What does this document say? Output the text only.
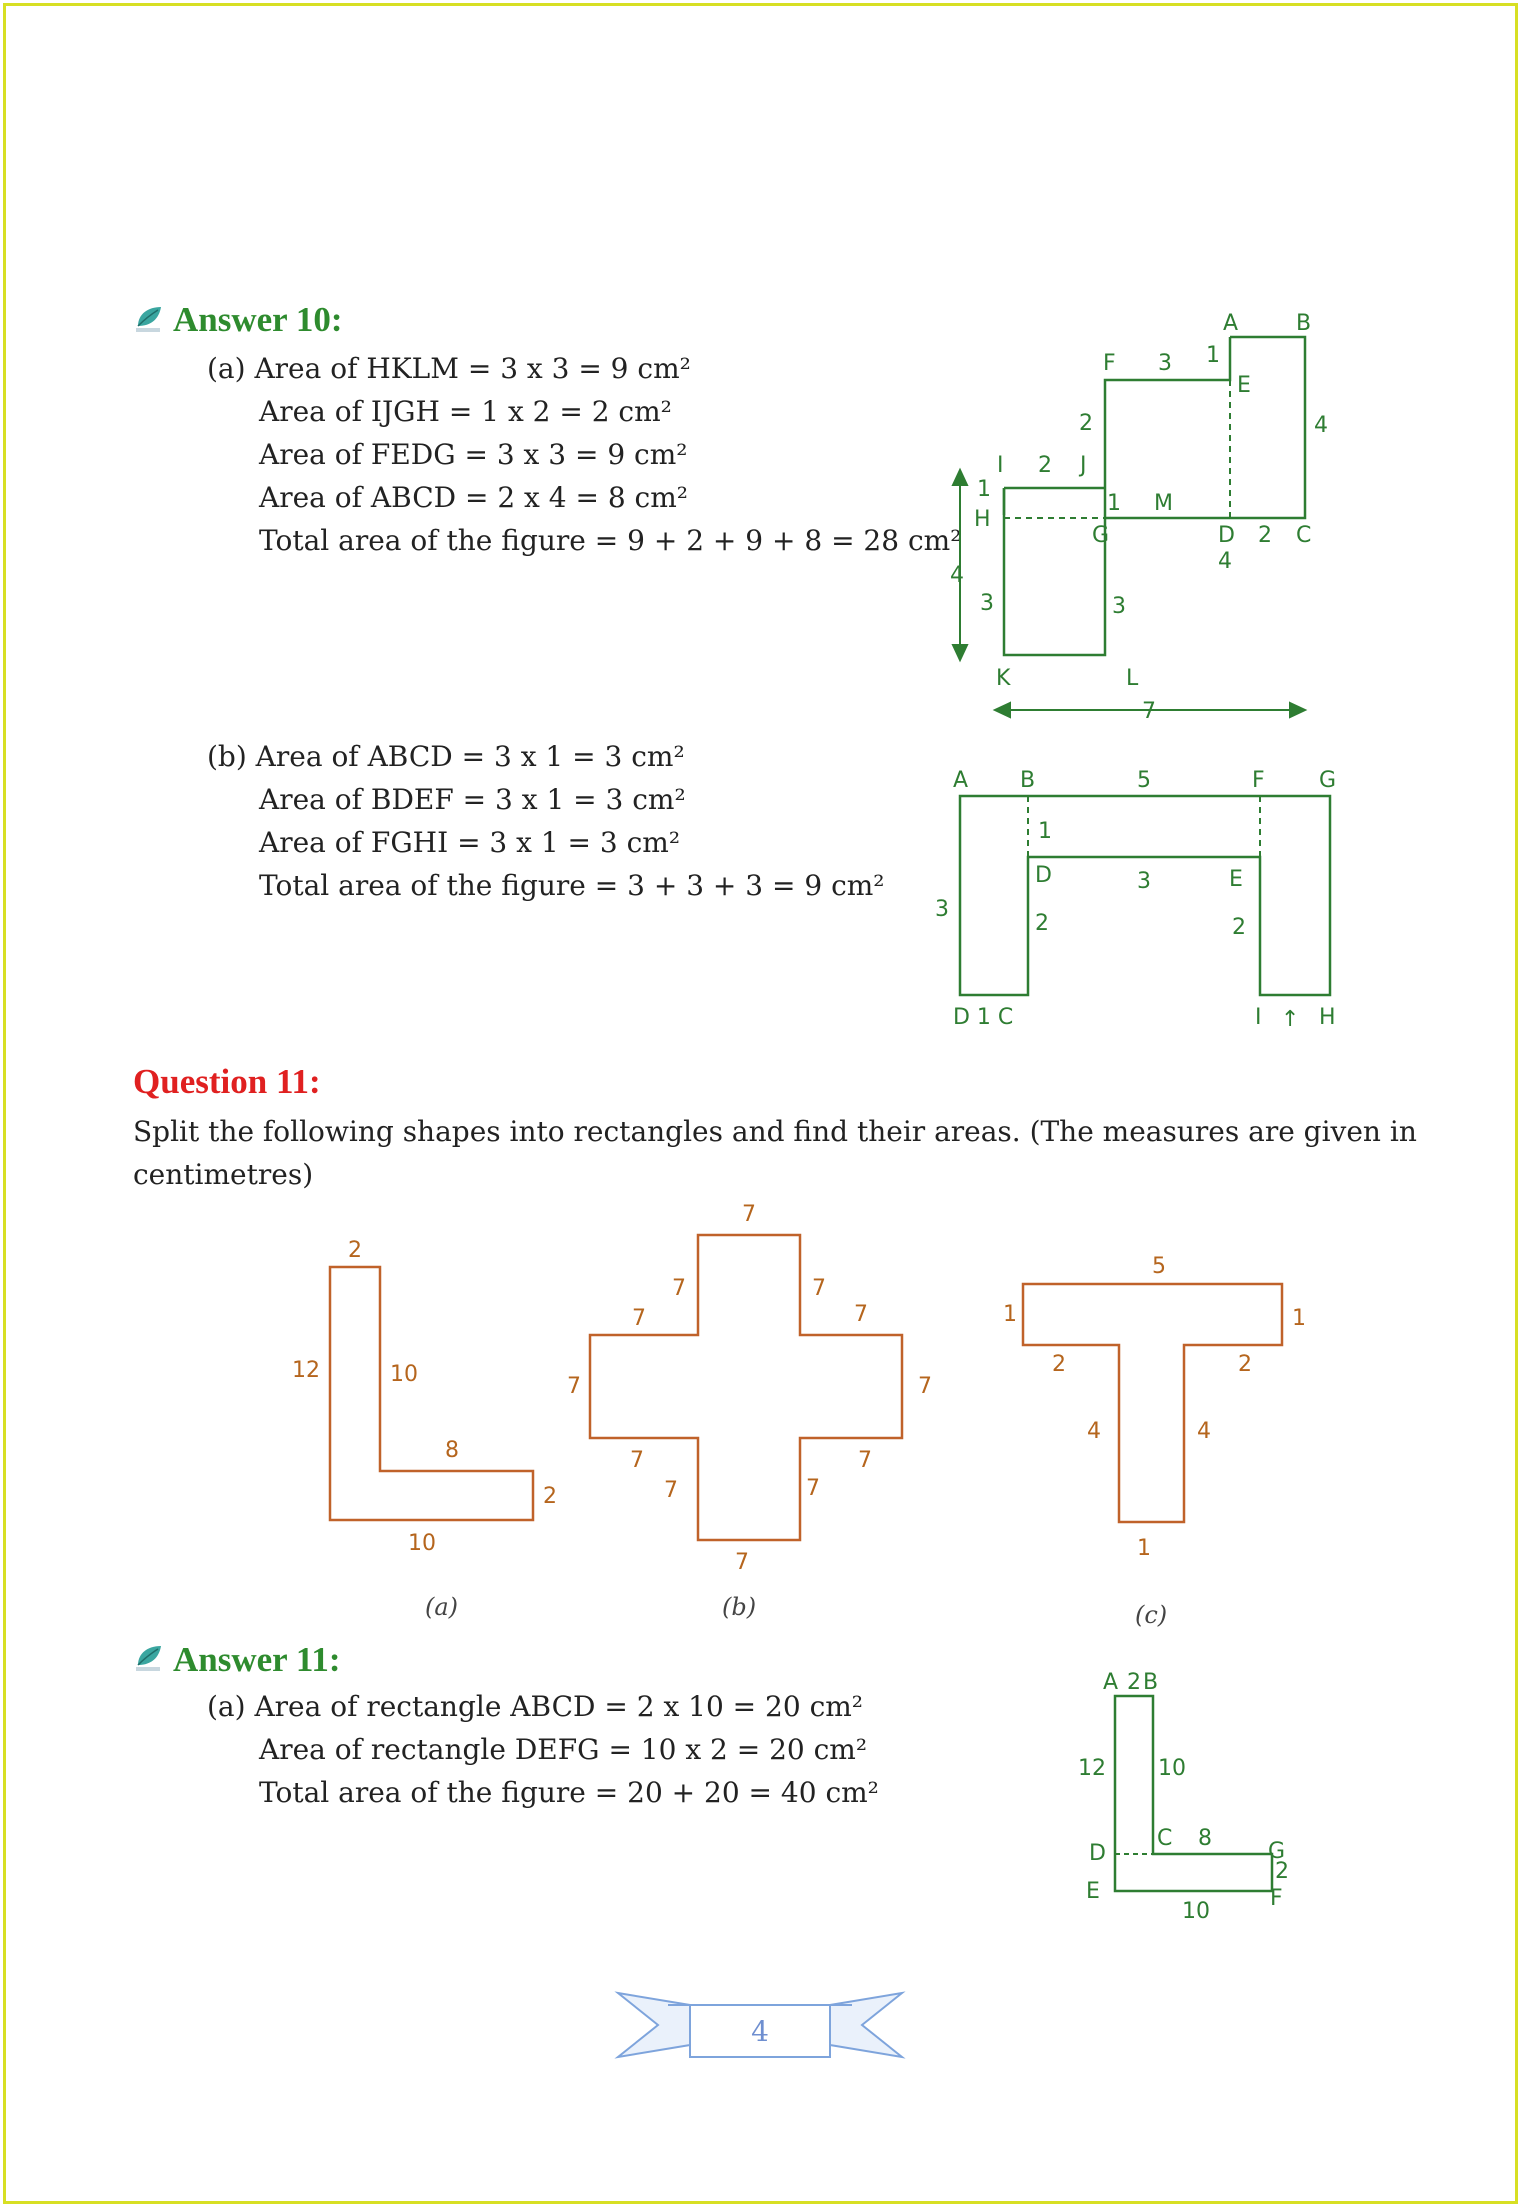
Answer 10:
(a) Area of HKLM = 3 x 3 = 9 cm²
Area of IJGH = 1 x 2 = 2 cm²
Area of FEDG = 3 x 3 = 9 cm²
Area of ABCD = 2 x 4 = 8 cm²
Total area of the figure = 9 + 2 + 9 + 8 = 28 cm²
A	B
F 3 1
E
2	4
I 2 J
1
H
1 M
G	D 2 C
4
4
3	3
K	L
7
(b) Area of ABCD = 3 x 1 = 3 cm²
Area of BDEF = 3 x 1 = 3 cm²
Area of FGHI = 3 x 1 = 3 cm²
Total area of the figure = 3 + 3 + 3 = 9 cm²
A B	5	F G
1
D	3	E
3
2	2
D 1 C	I ↑ H
Question 11:
Split the following shapes into rectangles and find their areas. (The measures are given in centimetres)
2
12	10
8
2
10
(a)
7
7	7
7	7
7	7
7	7
7	7
7
(b)
5
1	1
2	2
4	4
1
(c)
Answer 11:
(a) Area of rectangle ABCD = 2 x 10 = 20 cm²
Area of rectangle DEFG = 10 x 2 = 20 cm²
Total area of the figure = 20 + 20 = 40 cm²
A 2 B
12 10
D
C 8
G
2
E	F
10
4
